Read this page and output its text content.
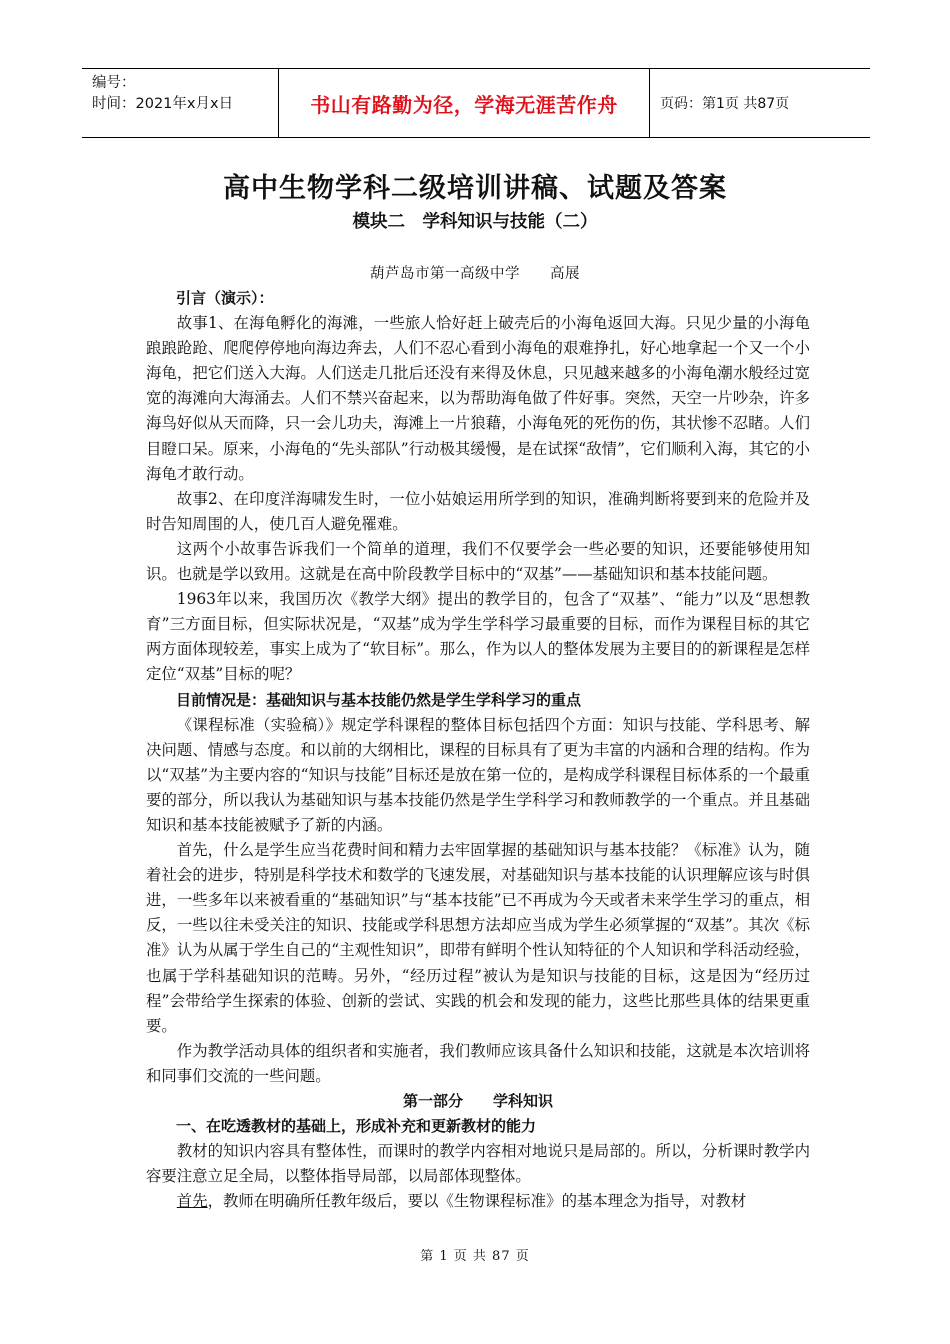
编号：
时间：2021年x月x日	书山有路勤为径，学海无涯苦作舟	页码：第1页 共87页
高中生物学科二级培训讲稿、试题及答案
模块二　学科知识与技能（二）
葫芦岛市第一高级中学　　高展

引言（演示）：

故事1、在海龟孵化的海滩，一些旅人恰好赶上破壳后的小海龟返回大海。只见少量的小海龟踉踉跄跄、爬爬停停地向海边奔去，人们不忍心看到小海龟的艰难挣扎，好心地拿起一个又一个小海龟，把它们送入大海。人们送走几批后还没有来得及休息，只见越来越多的小海龟潮水般经过宽宽的海滩向大海涌去。人们不禁兴奋起来，以为帮助海龟做了件好事。突然，天空一片吵杂，许多海鸟好似从天而降，只一会儿功夫，海滩上一片狼藉，小海龟死的死伤的伤，其状惨不忍睹。人们目瞪口呆。原来，小海龟的“先头部队”行动极其缓慢，是在试探“敌情”，它们顺利入海，其它的小海龟才敢行动。

故事2、在印度洋海啸发生时，一位小姑娘运用所学到的知识，准确判断将要到来的危险并及时告知周围的人，使几百人避免罹难。

这两个小故事告诉我们一个简单的道理，我们不仅要学会一些必要的知识，还要能够使用知识。也就是学以致用。这就是在高中阶段教学目标中的“双基”——基础知识和基本技能问题。

1963年以来，我国历次《教学大纲》提出的教学目的，包含了“双基”、“能力”以及“思想教育”三方面目标，但实际状况是，“双基”成为学生学科学习最重要的目标，而作为课程目标的其它两方面体现较差，事实上成为了“软目标”。那么，作为以人的整体发展为主要目的的新课程是怎样定位“双基”目标的呢？

目前情况是：基础知识与基本技能仍然是学生学科学习的重点

《课程标准（实验稿）》规定学科课程的整体目标包括四个方面：知识与技能、学科思考、解决问题、情感与态度。和以前的大纲相比，课程的目标具有了更为丰富的内涵和合理的结构。作为以“双基”为主要内容的“知识与技能”目标还是放在第一位的，是构成学科课程目标体系的一个最重要的部分，所以我认为基础知识与基本技能仍然是学生学科学习和教师教学的一个重点。并且基础知识和基本技能被赋予了新的内涵。

首先，什么是学生应当花费时间和精力去牢固掌握的基础知识与基本技能？《标准》认为，随着社会的进步，特别是科学技术和数学的飞速发展，对基础知识与基本技能的认识理解应该与时俱进，一些多年以来被看重的“基础知识”与“基本技能”已不再成为今天或者未来学生学习的重点，相反，一些以往未受关注的知识、技能或学科思想方法却应当成为学生必须掌握的“双基”。其次《标准》认为从属于学生自己的“主观性知识”，即带有鲜明个性认知特征的个人知识和学科活动经验，也属于学科基础知识的范畴。另外，“经历过程”被认为是知识与技能的目标，这是因为“经历过程”会带给学生探索的体验、创新的尝试、实践的机会和发现的能力，这些比那些具体的结果更重要。

作为教学活动具体的组织者和实施者，我们教师应该具备什么知识和技能，这就是本次培训将和同事们交流的一些问题。

第一部分　　学科知识

一、在吃透教材的基础上，形成补充和更新教材的能力

教材的知识内容具有整体性，而课时的教学内容相对地说只是局部的。所以，分析课时教学内容要注意立足全局，以整体指导局部，以局部体现整体。

首先，教师在明确所任教年级后，要以《生物课程标准》的基本理念为指导，对教材

第 1 页 共 87 页
